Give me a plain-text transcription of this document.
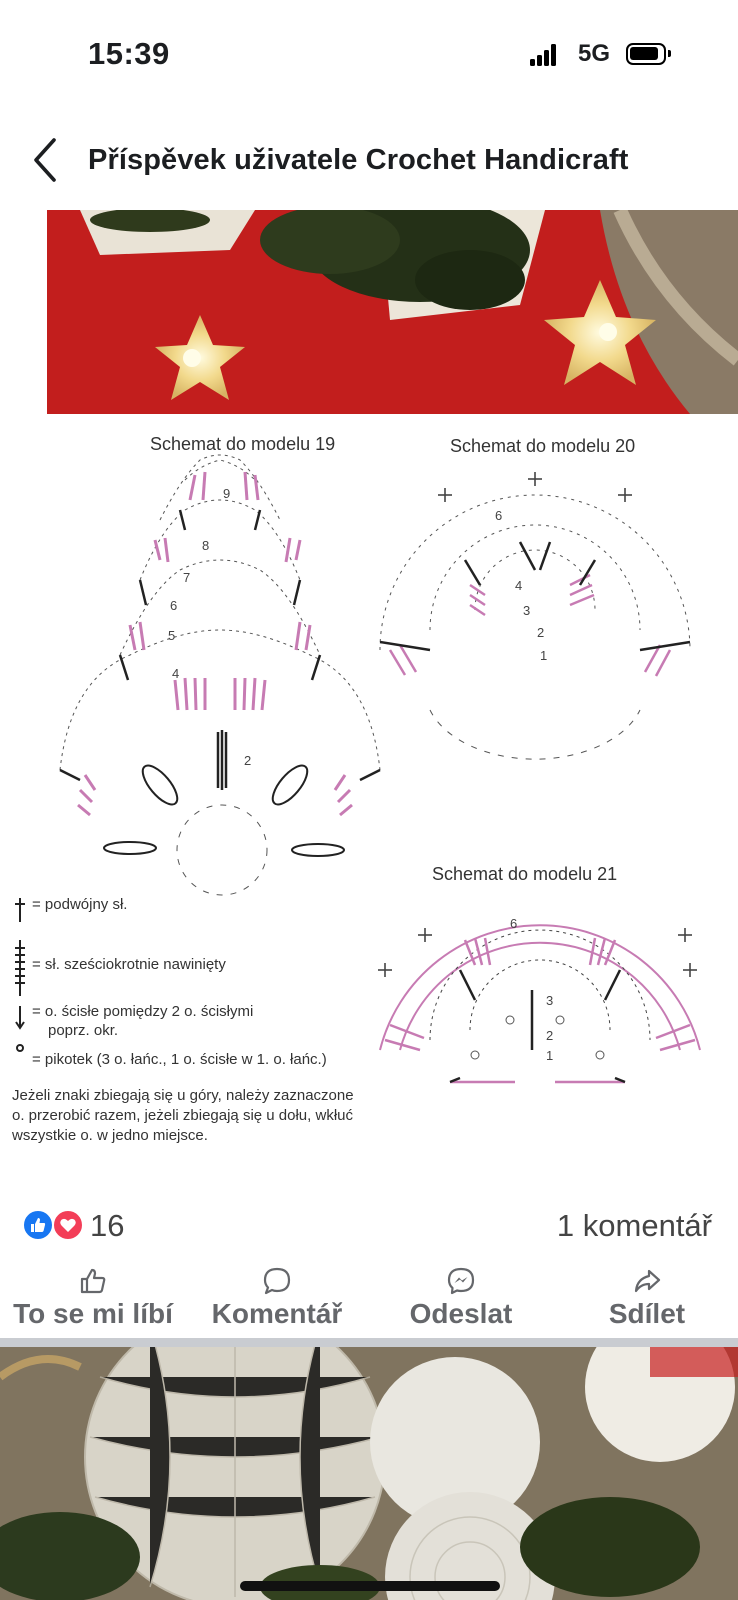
15:39	5G
Příspěvek uživatele Crochet Handicraft
Schemat do modelu 19	Schemat do modelu 20
Schemat do modelu 21
2
4
5
6
7
8
9
6
4
3
2
1
6
3
2
1
= podwójny sł.
= sł. sześciokrotnie nawinięty
= o. ścisłe pomiędzy 2 o. ścisłymi
poprz. okr.
= pikotek (3 o. łańc., 1 o. ścisłe w 1. o. łańc.)
Jeżeli znaki zbiegają się u góry, należy zaznaczone
o. przerobić razem, jeżeli zbiegają się u dołu, wkłuć
wszystkie o. w jedno miejsce.
16	1 komentář
To se mi líbí Komentář Odeslat	Sdílet
